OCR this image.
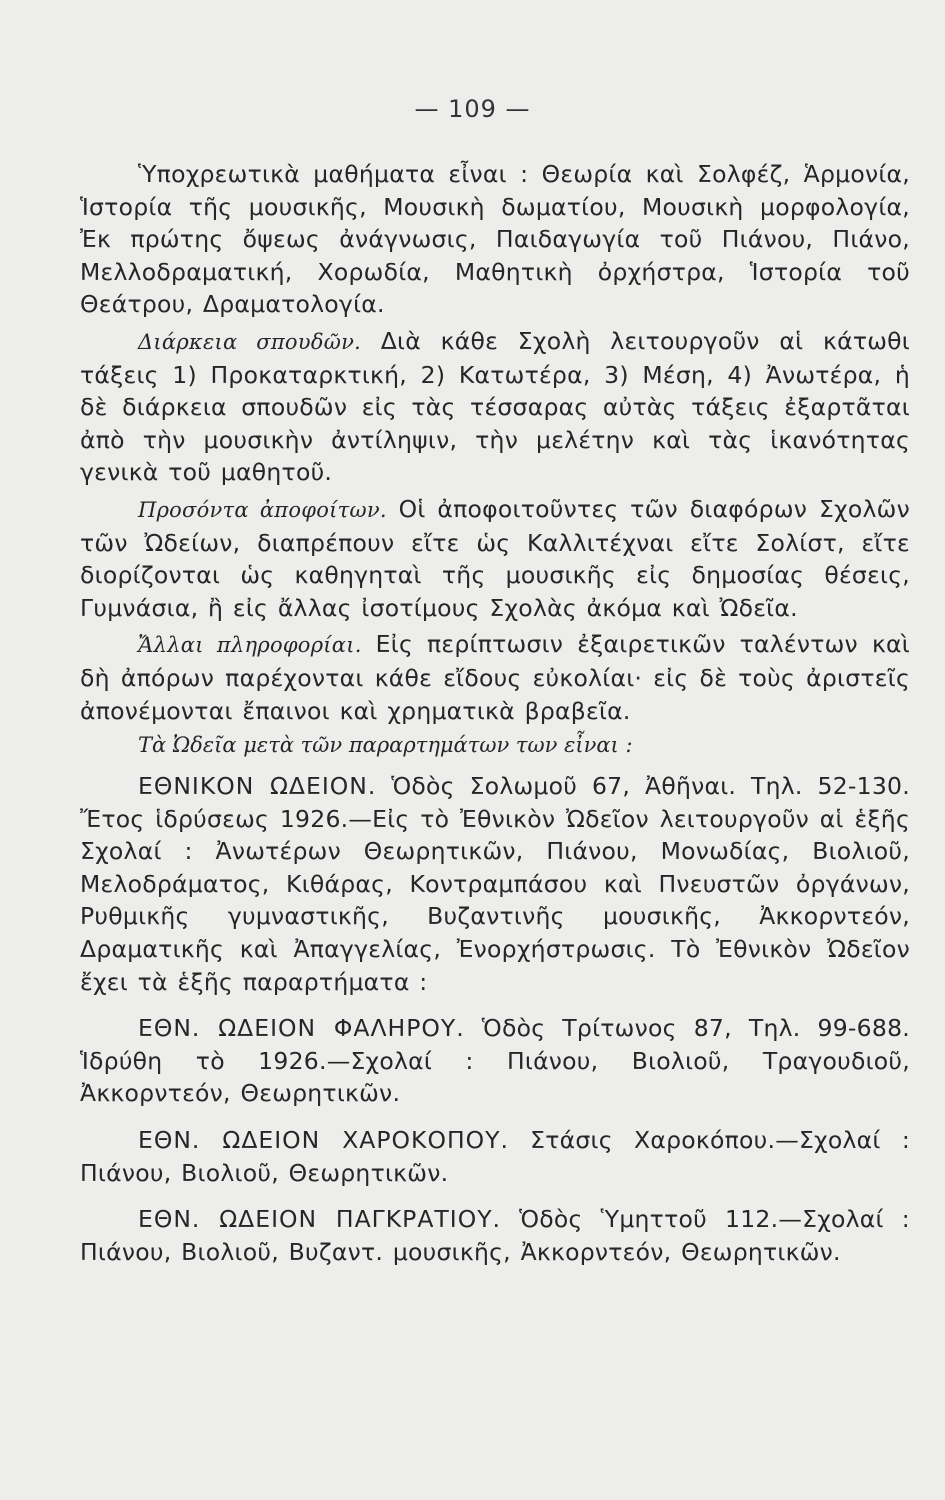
— 109 —

Ὑποχρεωτικὰ μαθήματα εἶναι : Θεωρία καὶ Σολφέζ, Ἁρμονία, Ἱστορία τῆς μουσικῆς, Μουσικὴ δωματίου, Μουσικὴ μορφολογία, Ἐκ πρώτης ὄψεως ἀνάγνωσις, Παιδαγωγία τοῦ Πιάνου, Πιάνο, Μελλοδραματική, Χορωδία, Μαθητικὴ ὀρχήστρα, Ἱστορία τοῦ Θεάτρου, Δραματολογία.

Διάρκεια σπουδῶν. Διὰ κάθε Σχολὴ λειτουργοῦν αἱ κάτωθι τάξεις 1) Προκαταρκτική, 2) Κατωτέρα, 3) Μέση, 4) Ἀνωτέρα, ἡ δὲ διάρκεια σπουδῶν εἰς τὰς τέσσαρας αὐτὰς τάξεις ἐξαρτᾶται ἀπὸ τὴν μουσικὴν ἀντίληψιν, τὴν μελέτην καὶ τὰς ἱκανότητας γενικὰ τοῦ μαθητοῦ.

Προσόντα ἀποφοίτων. Οἱ ἀποφοιτοῦντες τῶν διαφόρων Σχολῶν τῶν Ὠδείων, διαπρέπουν εἴτε ὡς Καλλιτέχναι εἴτε Σολίστ, εἴτε διορίζονται ὡς καθηγηταὶ τῆς μουσικῆς εἰς δημοσίας θέσεις, Γυμνάσια, ἢ εἰς ἄλλας ἰσοτίμους Σχολὰς ἀκόμα καὶ Ὠδεῖα.

Ἄλλαι πληροφορίαι. Εἰς περίπτωσιν ἐξαιρετικῶν ταλέντων καὶ δὴ ἀπόρων παρέχονται κάθε εἴδους εὐκολίαι· εἰς δὲ τοὺς ἀριστεῖς ἀπονέμονται ἔπαινοι καὶ χρηματικὰ βραβεῖα.

Τὰ Ὠδεῖα μετὰ τῶν παραρτημάτων των εἶναι :

ΕΘΝΙΚΟΝ ΩΔΕΙΟΝ. Ὁδὸς Σολωμοῦ 67, Ἀθῆναι. Τηλ. 52-130. Ἔτος ἱδρύσεως 1926.—Εἰς τὸ Ἐθνικὸν Ὠδεῖον λειτουργοῦν αἱ ἑξῆς Σχολαί : Ἀνωτέρων Θεωρητικῶν, Πιάνου, Μονωδίας, Βιολιοῦ, Μελοδράματος, Κιθάρας, Κοντραμπάσου καὶ Πνευστῶν ὀργάνων, Ρυθμικῆς γυμναστικῆς, Βυζαντινῆς μουσικῆς, Ἀκκορντεόν, Δραματικῆς καὶ Ἀπαγγελίας, Ἐνορχήστρωσις. Τὸ Ἐθνικὸν Ὠδεῖον ἔχει τὰ ἑξῆς παραρτήματα :

ΕΘΝ. ΩΔΕΙΟΝ ΦΑΛΗΡΟΥ. Ὁδὸς Τρίτωνος 87, Τηλ. 99-688. Ἱδρύθη τὸ 1926.—Σχολαί : Πιάνου, Βιολιοῦ, Τραγουδιοῦ, Ἀκκορντεόν, Θεωρητικῶν.

ΕΘΝ. ΩΔΕΙΟΝ ΧΑΡΟΚΟΠΟΥ. Στάσις Χαροκόπου.—Σχολαί : Πιάνου, Βιολιοῦ, Θεωρητικῶν.

ΕΘΝ. ΩΔΕΙΟΝ ΠΑΓΚΡΑΤΙΟΥ. Ὁδὸς Ὑμηττοῦ 112.—Σχολαί : Πιάνου, Βιολιοῦ, Βυζαντ. μουσικῆς, Ἀκκορντεόν, Θεωρητικῶν.
